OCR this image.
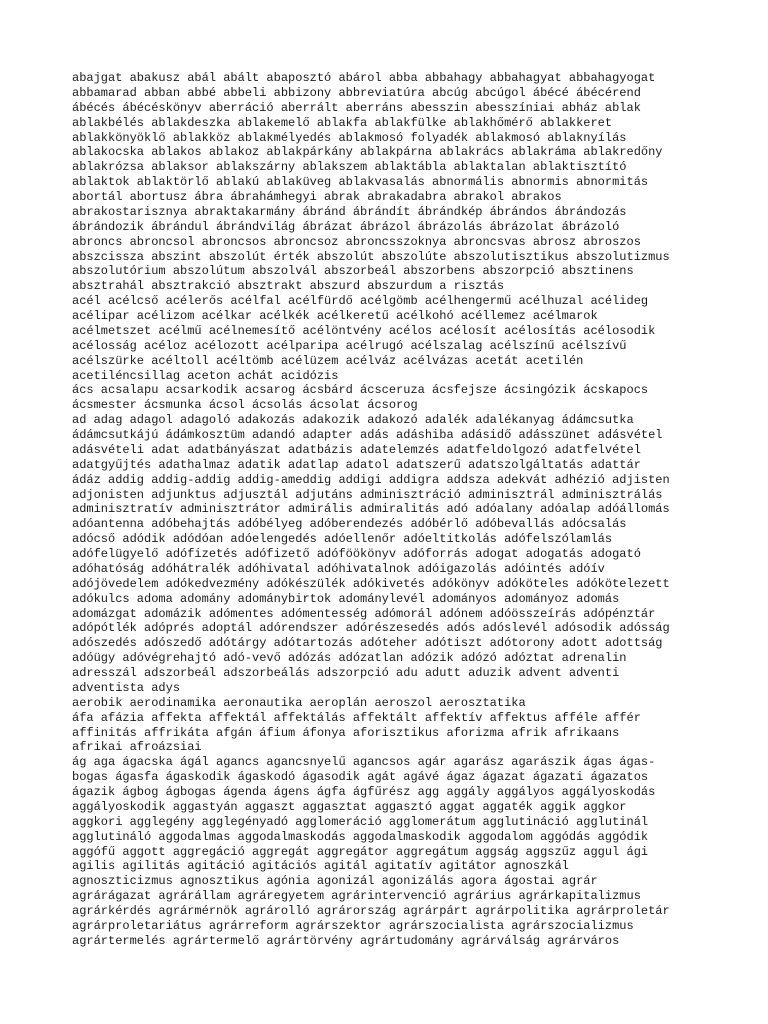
abajgat abakusz abál abált abaposztó abárol abba abbahagy abbahagyat abbahagyogat
abbamarad abban abbé abbeli abbizony abbreviatúra abcúg abcúgol ábécé ábécérend
ábécés ábécéskönyv aberráció aberrált aberráns abesszin abesszíniai abház ablak
ablakbélés ablakdeszka ablakemelő ablakfa ablakfülke ablakhőmérő ablakkeret
ablakkönyöklő ablakköz ablakmélyedés ablakmosó folyadék ablakmosó ablaknyílás
ablakocska ablakos ablakoz ablakpárkány ablakpárna ablakrács ablakráma ablakredőny
ablakrózsa ablaksor ablakszárny ablakszem ablaktábla ablaktalan ablaktisztító
ablaktok ablaktörlő ablakú ablaküveg ablakvasalás abnormális abnormis abnormitás
abortál abortusz ábra ábrahámhegyi abrak abrakadabra abrakol abrakos
abrakostarisznya abraktakarmány ábránd ábrándít ábrándkép ábrándos ábrándozás
ábrándozik ábrándul ábrándvilág ábrázat ábrázol ábrázolás ábrázolat ábrázoló
abroncs abroncsol abroncsos abroncsoz abroncsszoknya abroncsvas abrosz abroszos
abszcissza abszint abszolút érték abszolút abszolúte abszolutisztikus abszolutizmus
abszolutórium abszolútum abszolvál abszorbeál abszorbens abszorpció absztinens
absztrahál absztrakció absztrakt abszurd abszurdum a risztás
acél acélcső acélerős acélfal acélfürdő acélgömb acélhengermű acélhuzal acélideg
acélipar acélizom acélkar acélkék acélkeretű acélkohó acéllemez acélmarok
acélmetszet acélmű acélnemesítő acélöntvény acélos acélosít acélosítás acélosodik
acélosság acéloz acélozott acélparipa acélrugó acélszalag acélszínű acélszívű
acélszürke acéltoll acéltömb acélüzem acélváz acélvázas acetát acetilén
acetiléncsillag aceton achát acidózis
ács acsalapu acsarkodik acsarog ácsbárd ácsceruza ácsfejsze ácsingózik ácskapocs
ácsmester ácsmunka ácsol ácsolás ácsolat ácsorog
ad adag adagol adagoló adakozás adakozik adakozó adalék adalékanyag ádámcsutka
ádámcsutkájú ádámkosztüm adandó adapter adás adáshiba adásidő adásszünet adásvétel
adásvételi adat adatbányászat adatbázis adatelemzés adatfeldolgozó adatfelvétel
adatgyűjtés adathalmaz adatik adatlap adatol adatszerű adatszolgáltatás adattár
ádáz addig addig-addig addig-ameddig addigi addigra addsza adekvát adhézió adjisten
adjonisten adjunktus adjusztál adjutáns adminisztráció adminisztrál adminisztrálás
adminisztratív adminisztrátor admirális admiralitás adó adóalany adóalap adóállomás
adóantenna adóbehajtás adóbélyeg adóberendezés adóbérlő adóbevallás adócsalás
adócső adódik adódóan adóelengedés adóellenőr adóeltitkolás adófelszólamlás
adófelügyelő adófizetés adófizető adóföökönyv adóforrás adogat adogatás adogató
adóhatóság adóhátralék adóhivatal adóhivatalnok adóigazolás adóintés adóív
adójövedelem adókedvezmény adókészülék adókivetés adókönyv adóköteles adókötelezett
adókulcs adoma adomány adománybirtok adománylevél adományos adományoz adomás
adomázgat adomázik adómentes adómentesség adómorál adónem adóösszeírás adópénztár
adópótlék adóprés adoptál adórendszer adórészesedés adós adóslevél adósodik adósság
adószedés adószedő adótárgy adótartozás adóteher adótiszt adótorony adott adottság
adóügy adóvégrehajtó adó-vevő adózás adózatlan adózik adózó adóztat adrenalin
adresszál adszorbeál adszorbeálás adszorpció adu adutt aduzik advent adventi
adventista adys
aerobik aerodinamika aeronautika aeroplán aeroszol aerosztatika
áfa afázia affekta affektál affektálás affektált affektív affektus afféle affér
affinitás affrikáta afgán áfium áfonya aforisztikus aforizma afrik afrikaans
afrikai afroázsiai
ág aga ágacska ágál agancs agancsnyelű agancsos agár agarász agarászik ágas ágas-
bogas ágasfa ágaskodik ágaskodó ágasodik agát agávé ágaz ágazat ágazati ágazatos
ágazik ágbog ágbogas ágenda ágens ágfa ágfűrész agg aggály aggályos aggályoskodás
aggályoskodik aggastyán aggaszt aggasztat aggasztó aggat aggaték aggik aggkor
aggkori agglegény agglegényadó agglomeráció agglomerátum agglutináció agglutinál
agglutináló aggodalmas aggodalmaskodás aggodalmaskodik aggodalom aggódás aggódik
aggófű aggott aggregáció aggregát aggregátor aggregátum aggság aggszűz aggul ági
agilis agilitás agitáció agitációs agitál agitatív agitátor agnoszkál
agnoszticizmus agnosztikus agónia agonizál agonizálás agora ágostai agrár
agrárágazat agrárállam agráregyetem agrárintervenció agrárius agrárkapitalizmus
agrárkérdés agrármérnök agrárolló agrárország agrárpárt agrárpolitika agrárproletár
agrárproletariátus agrárreform agrárszektor agrárszocialista agrárszocializmus
agrártermelés agrártermelő agrártörvény agrártudomány agrárválság agrárváros
